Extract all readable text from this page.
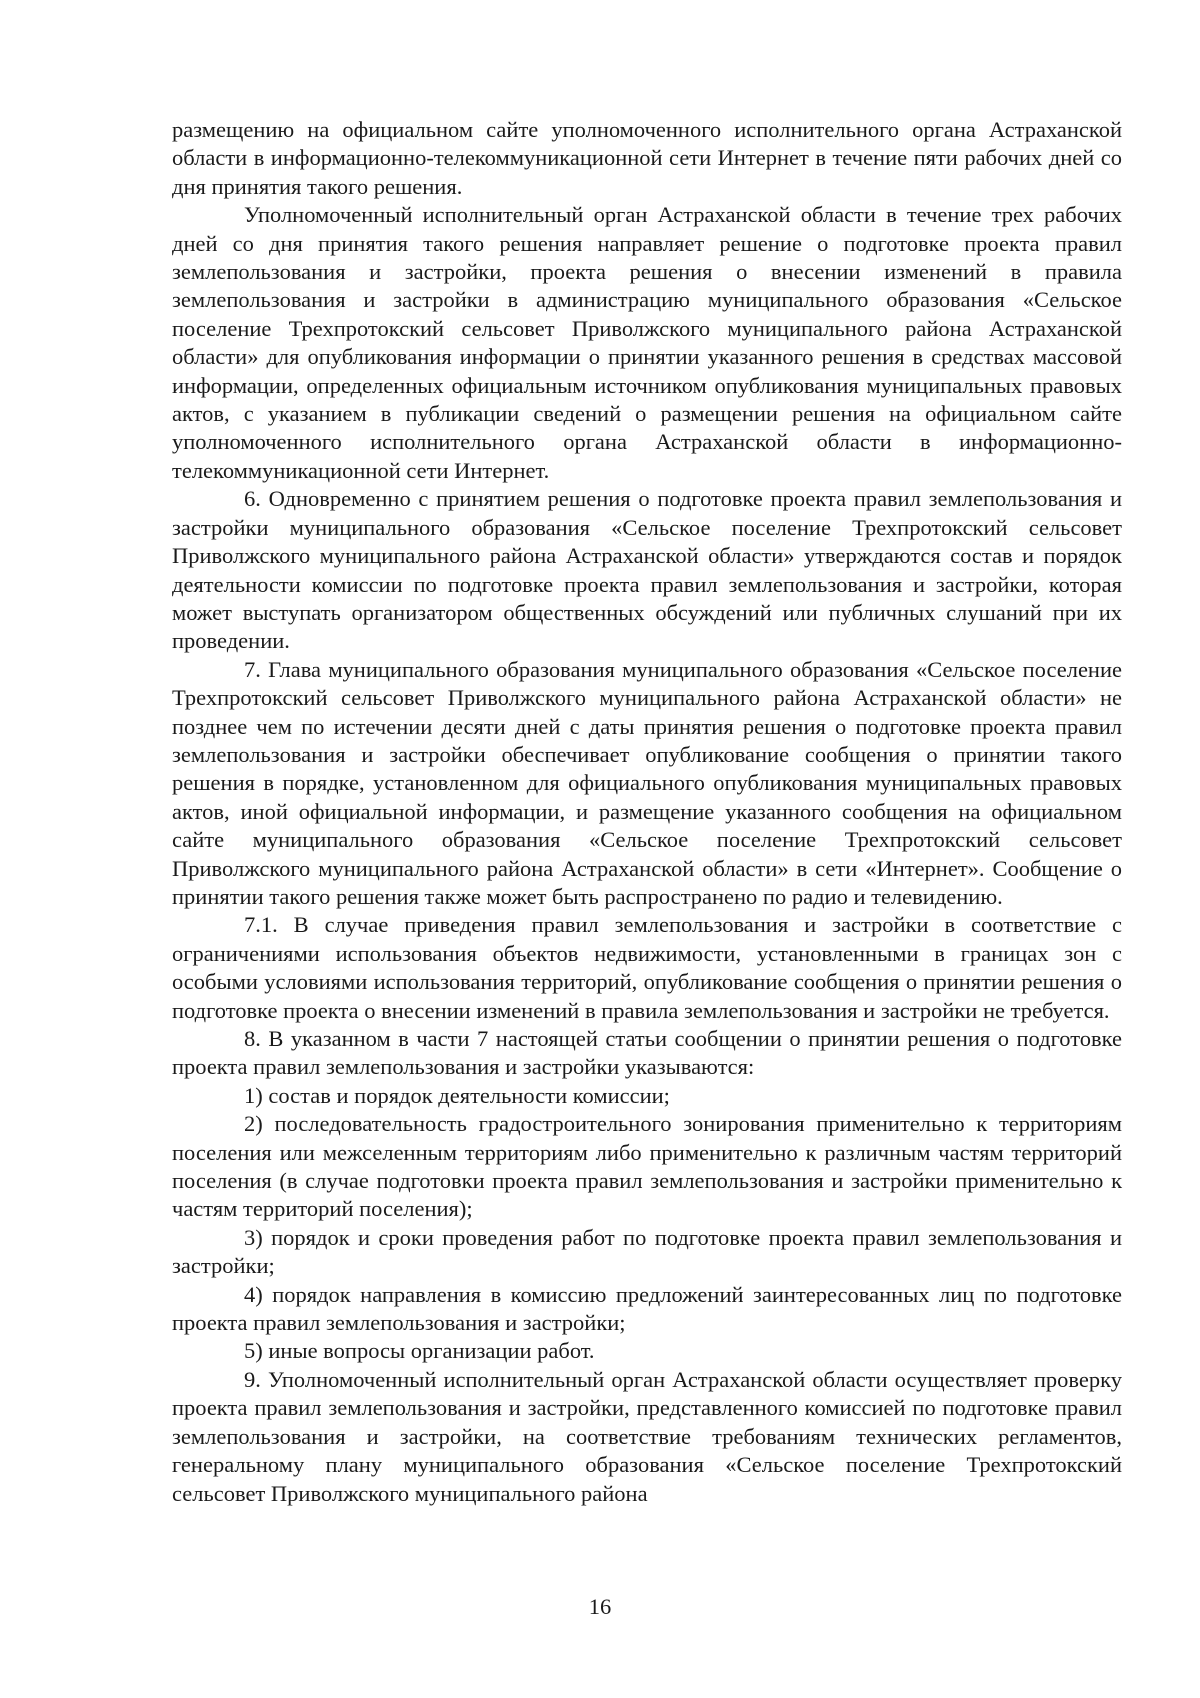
размещению на официальном сайте уполномоченного исполнительного органа Астраханской области в информационно-телекоммуникационной сети Интернет в течение пяти рабочих дней со дня принятия такого решения.

Уполномоченный исполнительный орган Астраханской области в течение трех рабочих дней со дня принятия такого решения направляет решение о подготовке проекта правил землепользования и застройки, проекта решения о внесении изменений в правила землепользования и застройки в администрацию муниципального образования «Сельское поселение Трехпротокский сельсовет Приволжского муниципального района Астраханской области» для опубликования информации о принятии указанного решения в средствах массовой информации, определенных официальным источником опубликования муниципальных правовых актов, с указанием в публикации сведений о размещении решения на официальном сайте уполномоченного исполнительного органа Астраханской области в информационно-телекоммуникационной сети Интернет.

6. Одновременно с принятием решения о подготовке проекта правил землепользования и застройки муниципального образования «Сельское поселение Трехпротокский сельсовет Приволжского муниципального района Астраханской области» утверждаются состав и порядок деятельности комиссии по подготовке проекта правил землепользования и застройки, которая может выступать организатором общественных обсуждений или публичных слушаний при их проведении.

7. Глава муниципального образования муниципального образования «Сельское поселение Трехпротокский сельсовет Приволжского муниципального района Астраханской области» не позднее чем по истечении десяти дней с даты принятия решения о подготовке проекта правил землепользования и застройки обеспечивает опубликование сообщения о принятии такого решения в порядке, установленном для официального опубликования муниципальных правовых актов, иной официальной информации, и размещение указанного сообщения на официальном сайте муниципального образования «Сельское поселение Трехпротокский сельсовет Приволжского муниципального района Астраханской области» в сети «Интернет». Сообщение о принятии такого решения также может быть распространено по радио и телевидению.

7.1. В случае приведения правил землепользования и застройки в соответствие с ограничениями использования объектов недвижимости, установленными в границах зон с особыми условиями использования территорий, опубликование сообщения о принятии решения о подготовке проекта о внесении изменений в правила землепользования и застройки не требуется.

8. В указанном в части 7 настоящей статьи сообщении о принятии решения о подготовке проекта правил землепользования и застройки указываются:

1) состав и порядок деятельности комиссии;

2) последовательность градостроительного зонирования применительно к территориям поселения или межселенным территориям либо применительно к различным частям территорий поселения (в случае подготовки проекта правил землепользования и застройки применительно к частям территорий поселения);

3) порядок и сроки проведения работ по подготовке проекта правил землепользования и застройки;

4) порядок направления в комиссию предложений заинтересованных лиц по подготовке проекта правил землепользования и застройки;

5) иные вопросы организации работ.

9. Уполномоченный исполнительный орган Астраханской области осуществляет проверку проекта правил землепользования и застройки, представленного комиссией по подготовке правил землепользования и застройки, на соответствие требованиям технических регламентов, генеральному плану муниципального образования «Сельское поселение Трехпротокский сельсовет Приволжского муниципального района

16
